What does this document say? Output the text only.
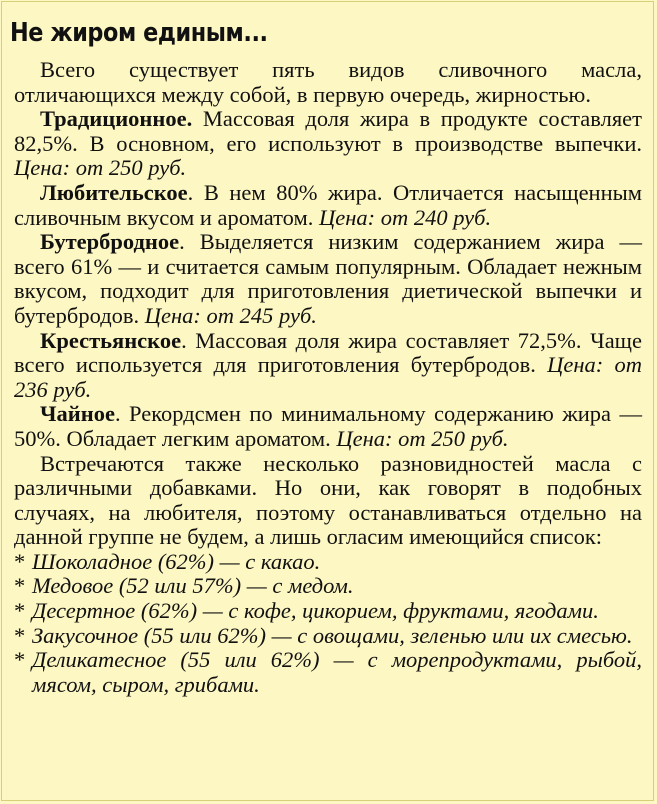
Не жиром единым...

Всего существует пять видов сливочного масла, отличающихся между собой, в первую очередь, жирностью.

Традиционное. Массовая доля жира в продукте составляет 82,5%. В основном, его используют в производстве выпечки. Цена: от 250 руб.

Любительское. В нем 80% жира. Отличается насыщенным сливочным вкусом и ароматом. Цена: от 240 руб.

Бутербродное. Выделяется низким содержанием жира — всего 61% — и считается самым популярным. Обладает нежным вкусом, подходит для приготовления диетической выпечки и бутербродов. Цена: от 245 руб.

Крестьянское. Массовая доля жира составляет 72,5%. Чаще всего используется для приготовления бутербродов. Цена: от 236 руб.

Чайное. Рекордсмен по минимальному содержанию жира — 50%. Обладает легким ароматом. Цена: от 250 руб.

Встречаются также несколько разновидностей масла с различными добавками. Но они, как говорят в подобных случаях, на любителя, поэтому останавливаться отдельно на данной группе не будем, а лишь огласим имеющийся список:

* Шоколадное (62%) — с какао.
* Медовое (52 или 57%) — с медом.
* Десертное (62%) — с кофе, цикорием, фруктами, ягодами.
* Закусочное (55 или 62%) — с овощами, зеленью или их смесью.
* Деликатесное (55 или 62%) — с морепродуктами, рыбой, мясом, сыром, грибами.
